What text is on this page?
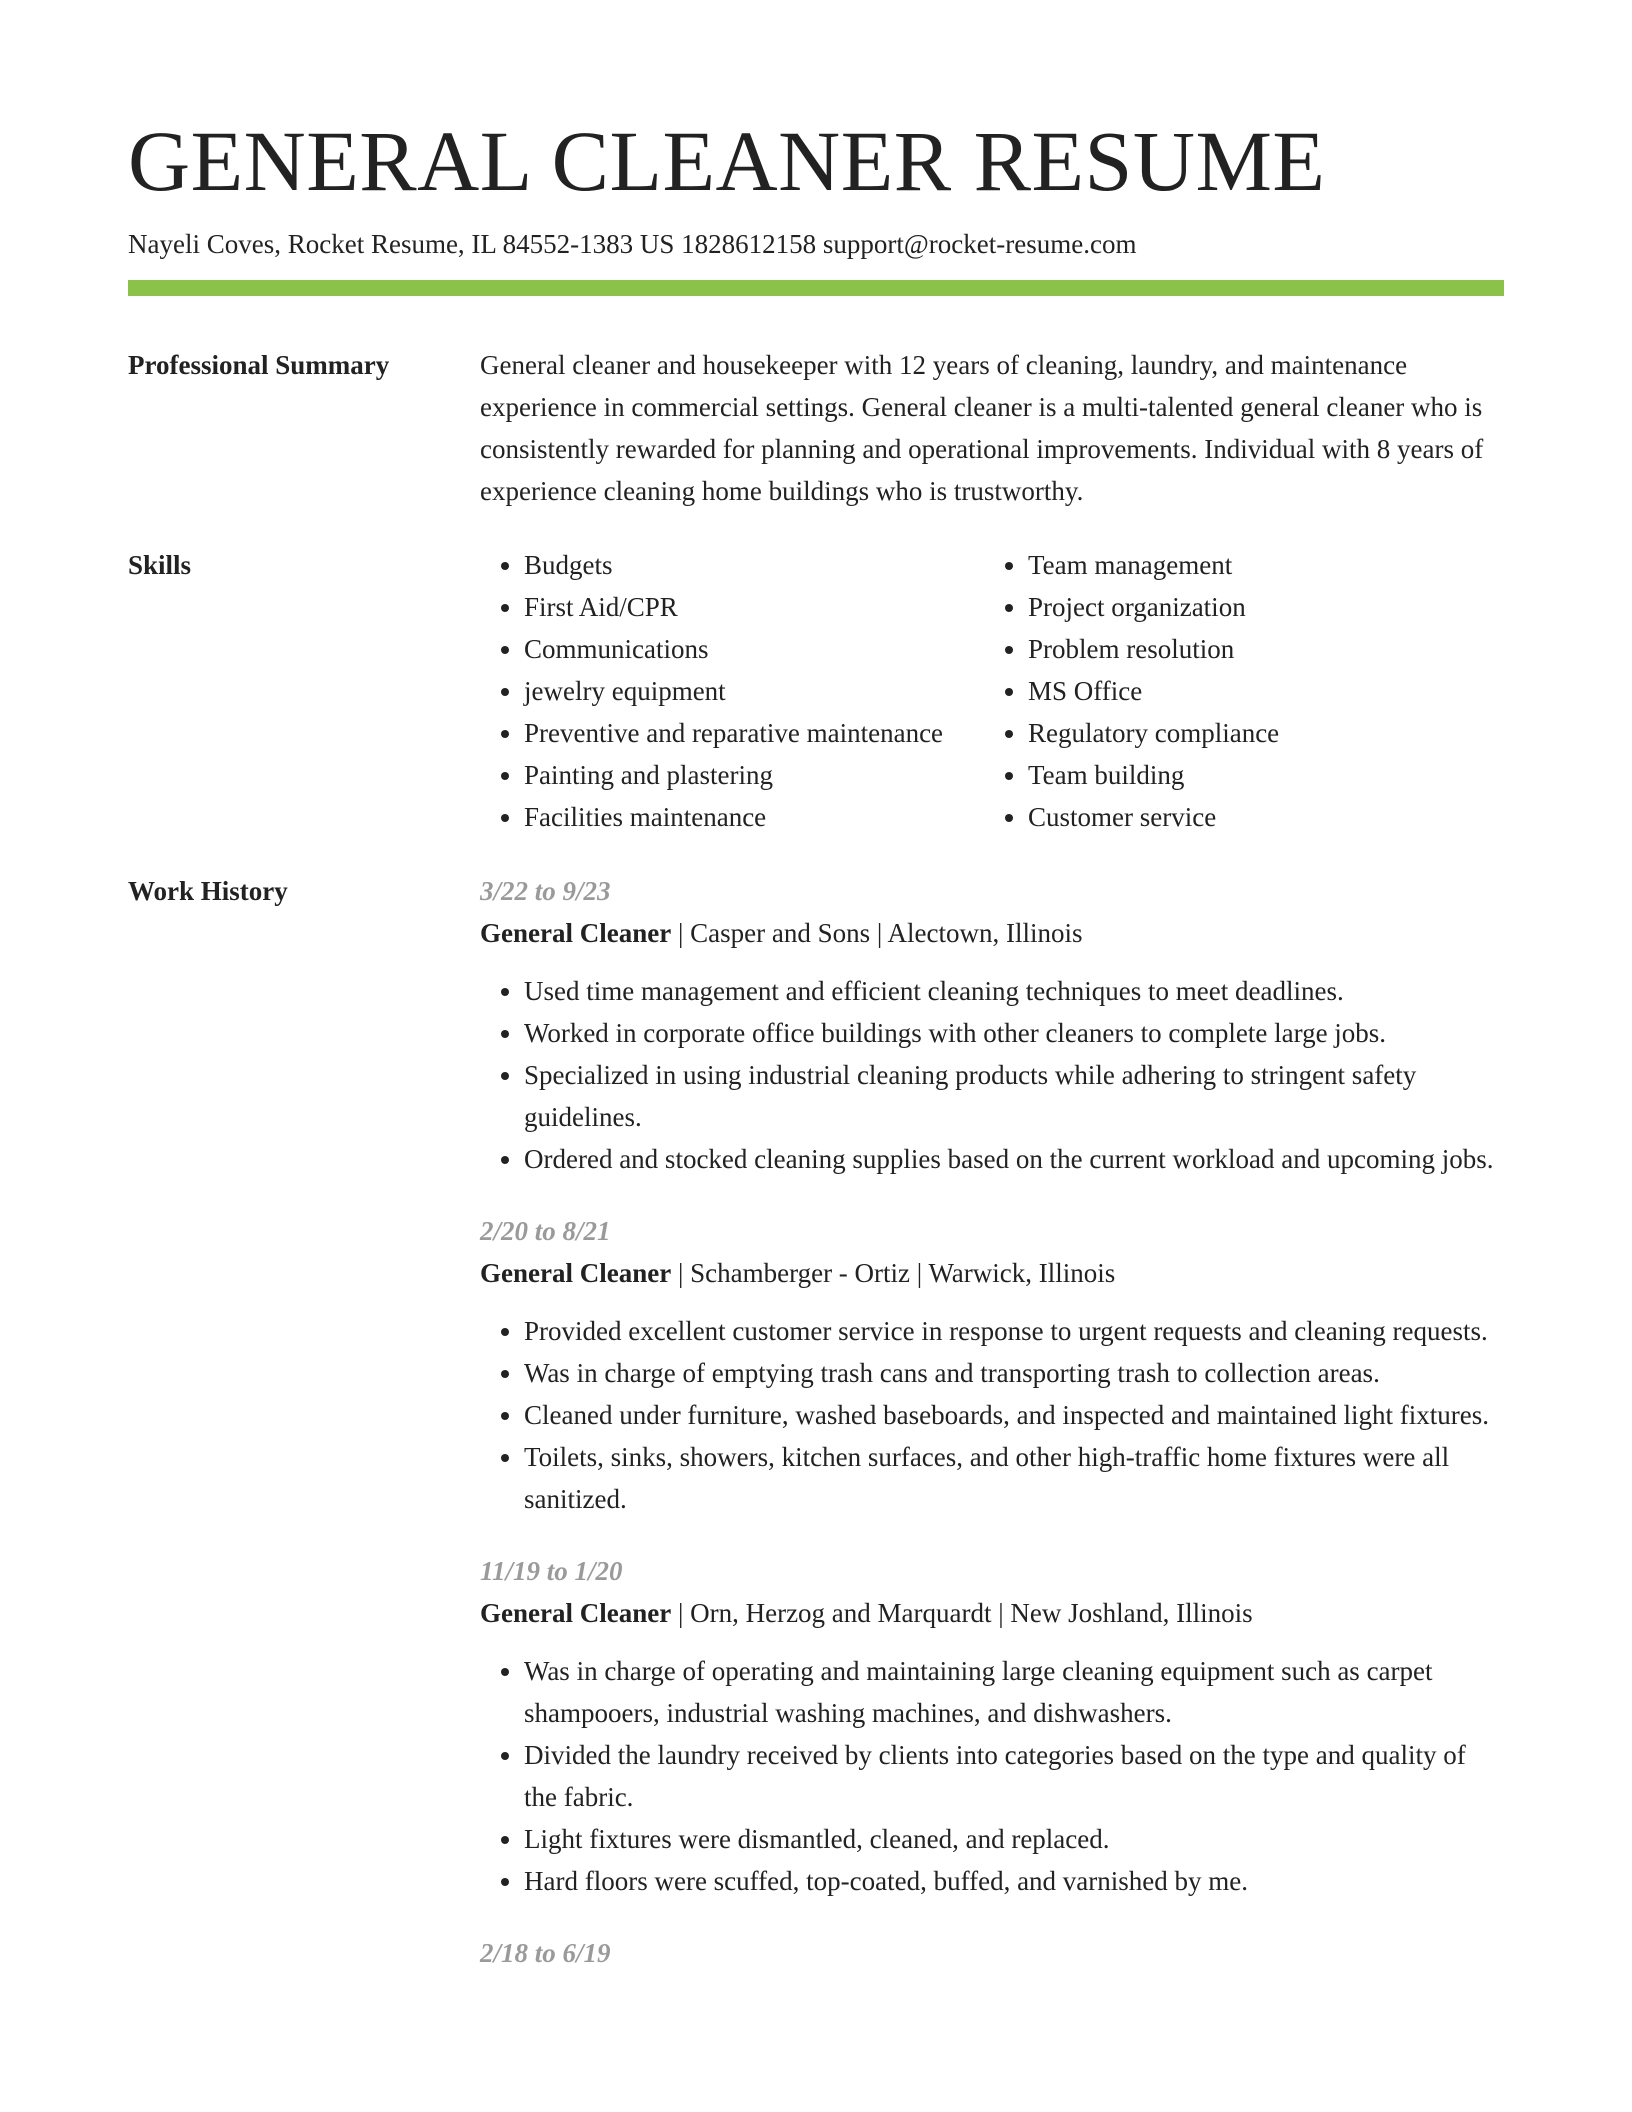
GENERAL CLEANER RESUME
Nayeli Coves, Rocket Resume, IL 84552-1383 US 1828612158 support@rocket-resume.com
Professional Summary	General cleaner and housekeeper with 12 years of cleaning, laundry, and maintenance experience in commercial settings. General cleaner is a multi-talented general cleaner who is consistently rewarded for planning and operational improvements. Individual with 8 years of experience cleaning home buildings who is trustworthy.

Skills
•	Budgets
• First Aid/CPR
• Communications
• jewelry equipment
• Preventive and reparative maintenance
• Painting and plastering
• Facilities maintenance
• Team management
• Project organization
• Problem resolution
• MS Office
• Regulatory compliance
• Team building
• Customer service
Work History	3/22 to 9/23
General Cleaner | Casper and Sons | Alectown, Illinois
• Used time management and efficient cleaning techniques to meet deadlines.
• Worked in corporate office buildings with other cleaners to complete large jobs.
• Specialized in using industrial cleaning products while adhering to stringent safety guidelines.
• Ordered and stocked cleaning supplies based on the current workload and upcoming jobs.
2/20 to 8/21
General Cleaner | Schamberger - Ortiz | Warwick, Illinois
• Provided excellent customer service in response to urgent requests and cleaning requests.
• Was in charge of emptying trash cans and transporting trash to collection areas.
• Cleaned under furniture, washed baseboards, and inspected and maintained light fixtures.
• Toilets, sinks, showers, kitchen surfaces, and other high-traffic home fixtures were all sanitized.
11/19 to 1/20
General Cleaner | Orn, Herzog and Marquardt | New Joshland, Illinois
• Was in charge of operating and maintaining large cleaning equipment such as carpet shampooers, industrial washing machines, and dishwashers.
• Divided the laundry received by clients into categories based on the type and quality of the fabric.
• Light fixtures were dismantled, cleaned, and replaced.
• Hard floors were scuffed, top-coated, buffed, and varnished by me.
2/18 to 6/19
